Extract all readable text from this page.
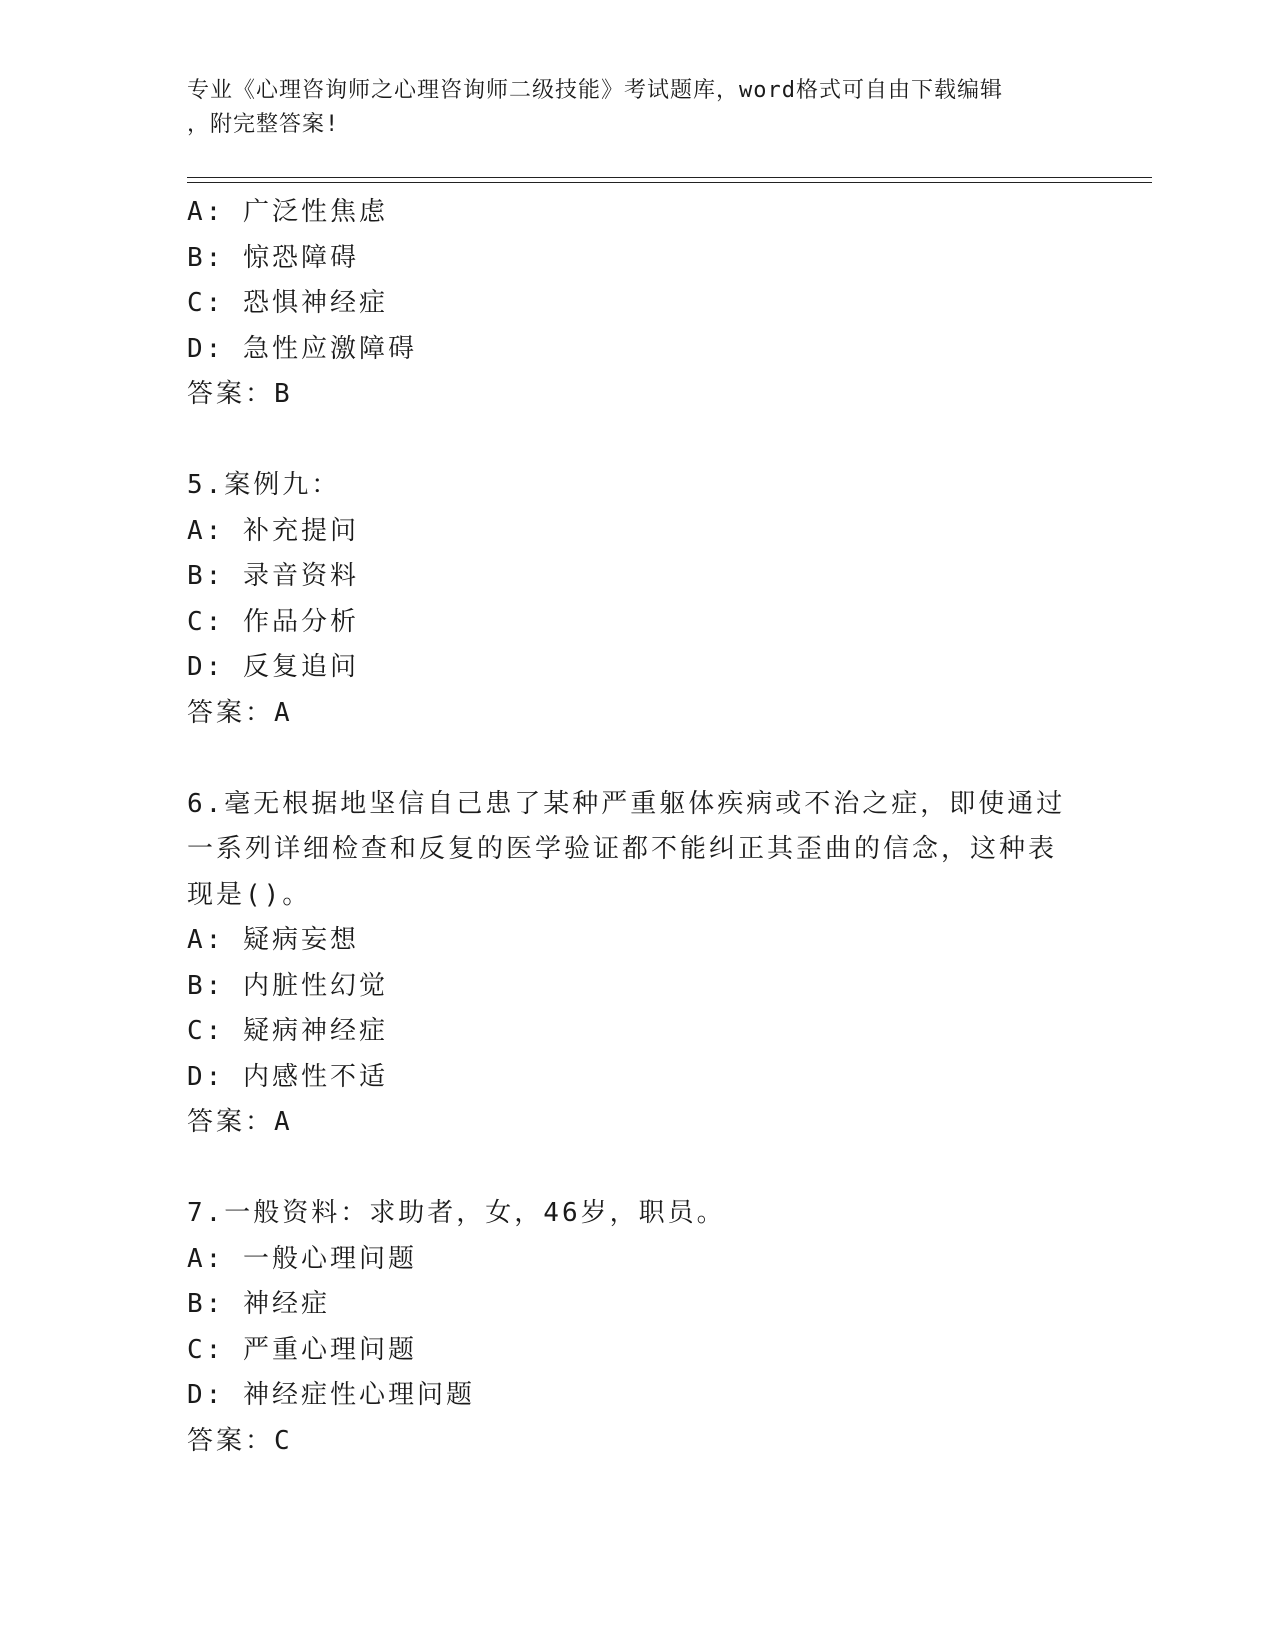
专业《心理咨询师之心理咨询师二级技能》考试题库，word格式可自由下载编辑
，附完整答案!
A: 广泛性焦虑
B: 惊恐障碍
C: 恐惧神经症
D: 急性应激障碍
答案：B
5.案例九：
A: 补充提问
B: 录音资料
C: 作品分析
D: 反复追问
答案：A
6.毫无根据地坚信自己患了某种严重躯体疾病或不治之症，即使通过
一系列详细检查和反复的医学验证都不能纠正其歪曲的信念，这种表
现是()。
A: 疑病妄想
B: 内脏性幻觉
C: 疑病神经症
D: 内感性不适
答案：A
7.一般资料：求助者，女，46岁，职员。
A: 一般心理问题
B: 神经症
C: 严重心理问题
D: 神经症性心理问题
答案：C
